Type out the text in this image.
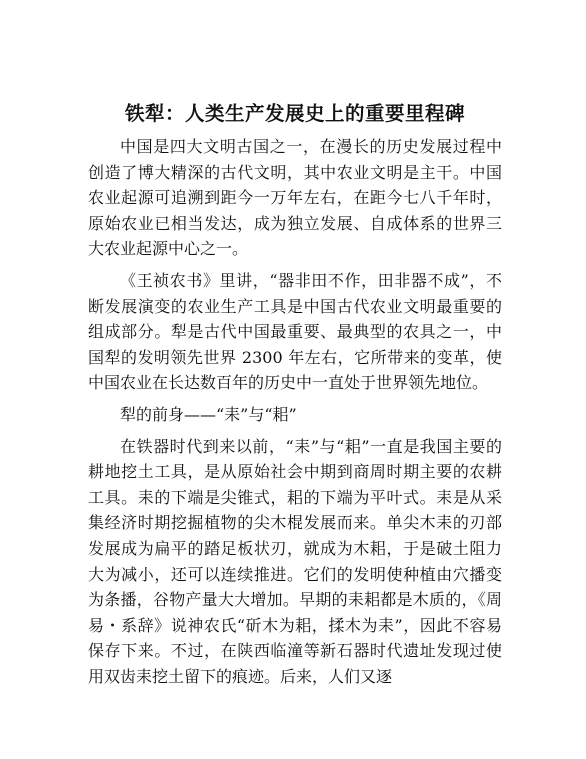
铁犁：人类生产发展史上的重要里程碑

中国是四大文明古国之一，在漫长的历史发展过程中创造了博大精深的古代文明，其中农业文明是主干。中国农业起源可追溯到距今一万年左右，在距今七八千年时，原始农业已相当发达，成为独立发展、自成体系的世界三大农业起源中心之一。

《王祯农书》里讲，“器非田不作，田非器不成”，不断发展演变的农业生产工具是中国古代农业文明最重要的组成部分。犁是古代中国最重要、最典型的农具之一，中国犁的发明领先世界 2300 年左右，它所带来的变革，使中国农业在长达数百年的历史中一直处于世界领先地位。

犁的前身——“耒”与“耜”

在铁器时代到来以前，“耒”与“耜”一直是我国主要的耕地挖土工具，是从原始社会中期到商周时期主要的农耕工具。耒的下端是尖锥式，耜的下端为平叶式。耒是从采集经济时期挖掘植物的尖木棍发展而来。单尖木耒的刃部发展成为扁平的踏足板状刃，就成为木耜，于是破土阻力大为减小，还可以连续推进。它们的发明使种植由穴播变为条播，谷物产量大大增加。早期的耒耜都是木质的，《周易・系辞》说神农氏“斫木为耜，揉木为耒”，因此不容易保存下来。不过，在陕西临潼等新石器时代遗址发现过使用双齿耒挖土留下的痕迹。后来，人们又逐
